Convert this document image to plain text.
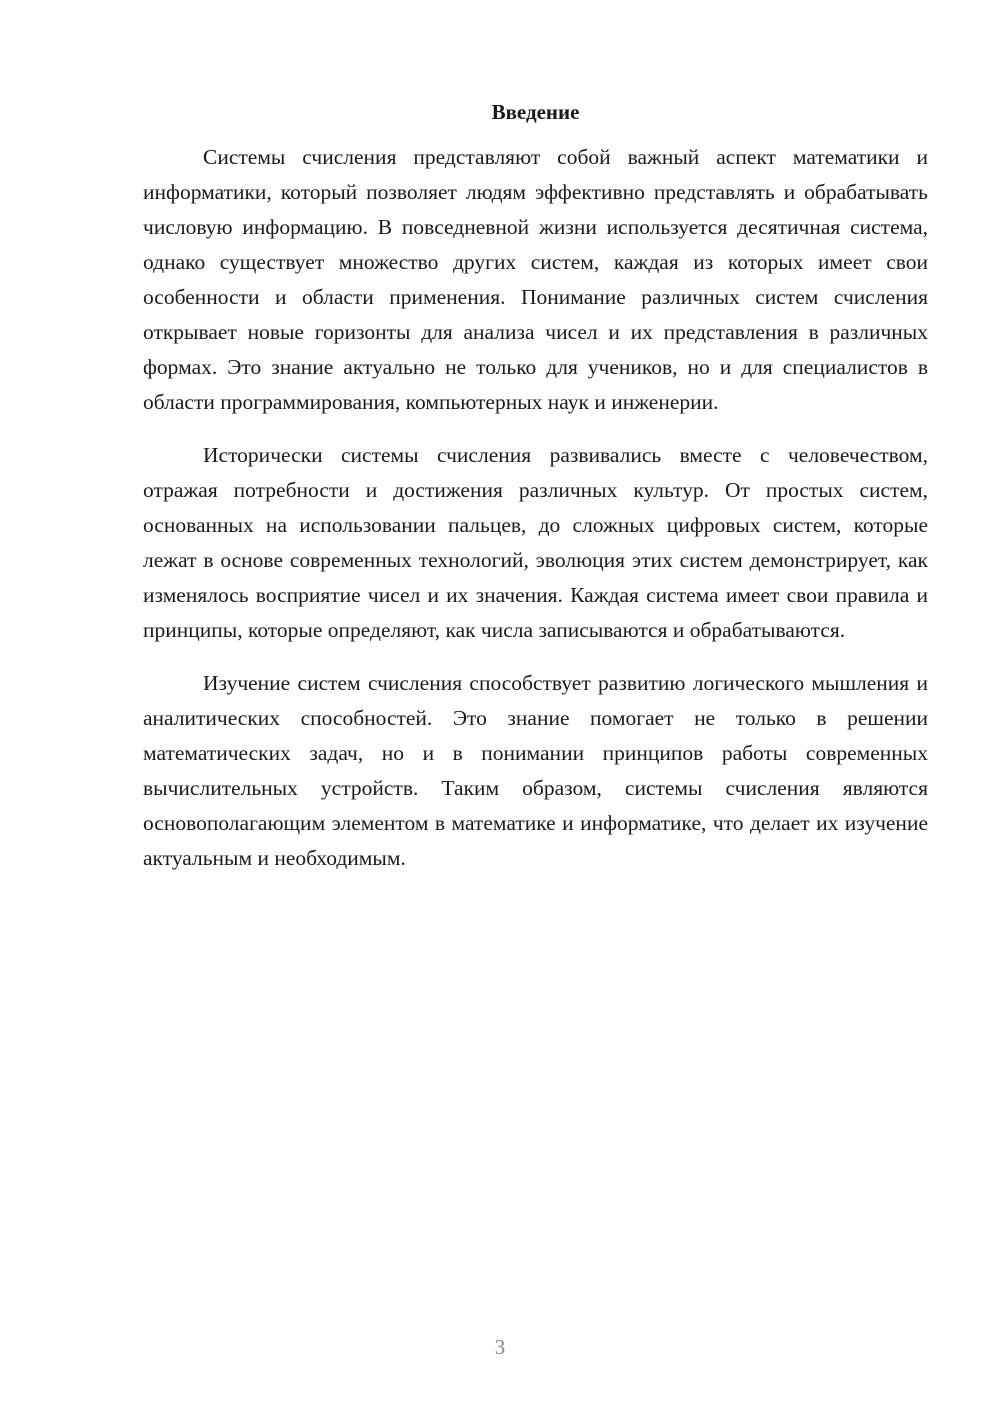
Введение

Системы счисления представляют собой важный аспект математики и информатики, который позволяет людям эффективно представлять и обрабатывать числовую информацию. В повседневной жизни используется десятичная система, однако существует множество других систем, каждая из которых имеет свои особенности и области применения. Понимание различных систем счисления открывает новые горизонты для анализа чисел и их представления в различных формах. Это знание актуально не только для учеников, но и для специалистов в области программирования, компьютерных наук и инженерии.

Исторически системы счисления развивались вместе с человечеством, отражая потребности и достижения различных культур. От простых систем, основанных на использовании пальцев, до сложных цифровых систем, которые лежат в основе современных технологий, эволюция этих систем демонстрирует, как изменялось восприятие чисел и их значения. Каждая система имеет свои правила и принципы, которые определяют, как числа записываются и обрабатываются.

Изучение систем счисления способствует развитию логического мышления и аналитических способностей. Это знание помогает не только в решении математических задач, но и в понимании принципов работы современных вычислительных устройств. Таким образом, системы счисления являются основополагающим элементом в математике и информатике, что делает их изучение актуальным и необходимым.

3
